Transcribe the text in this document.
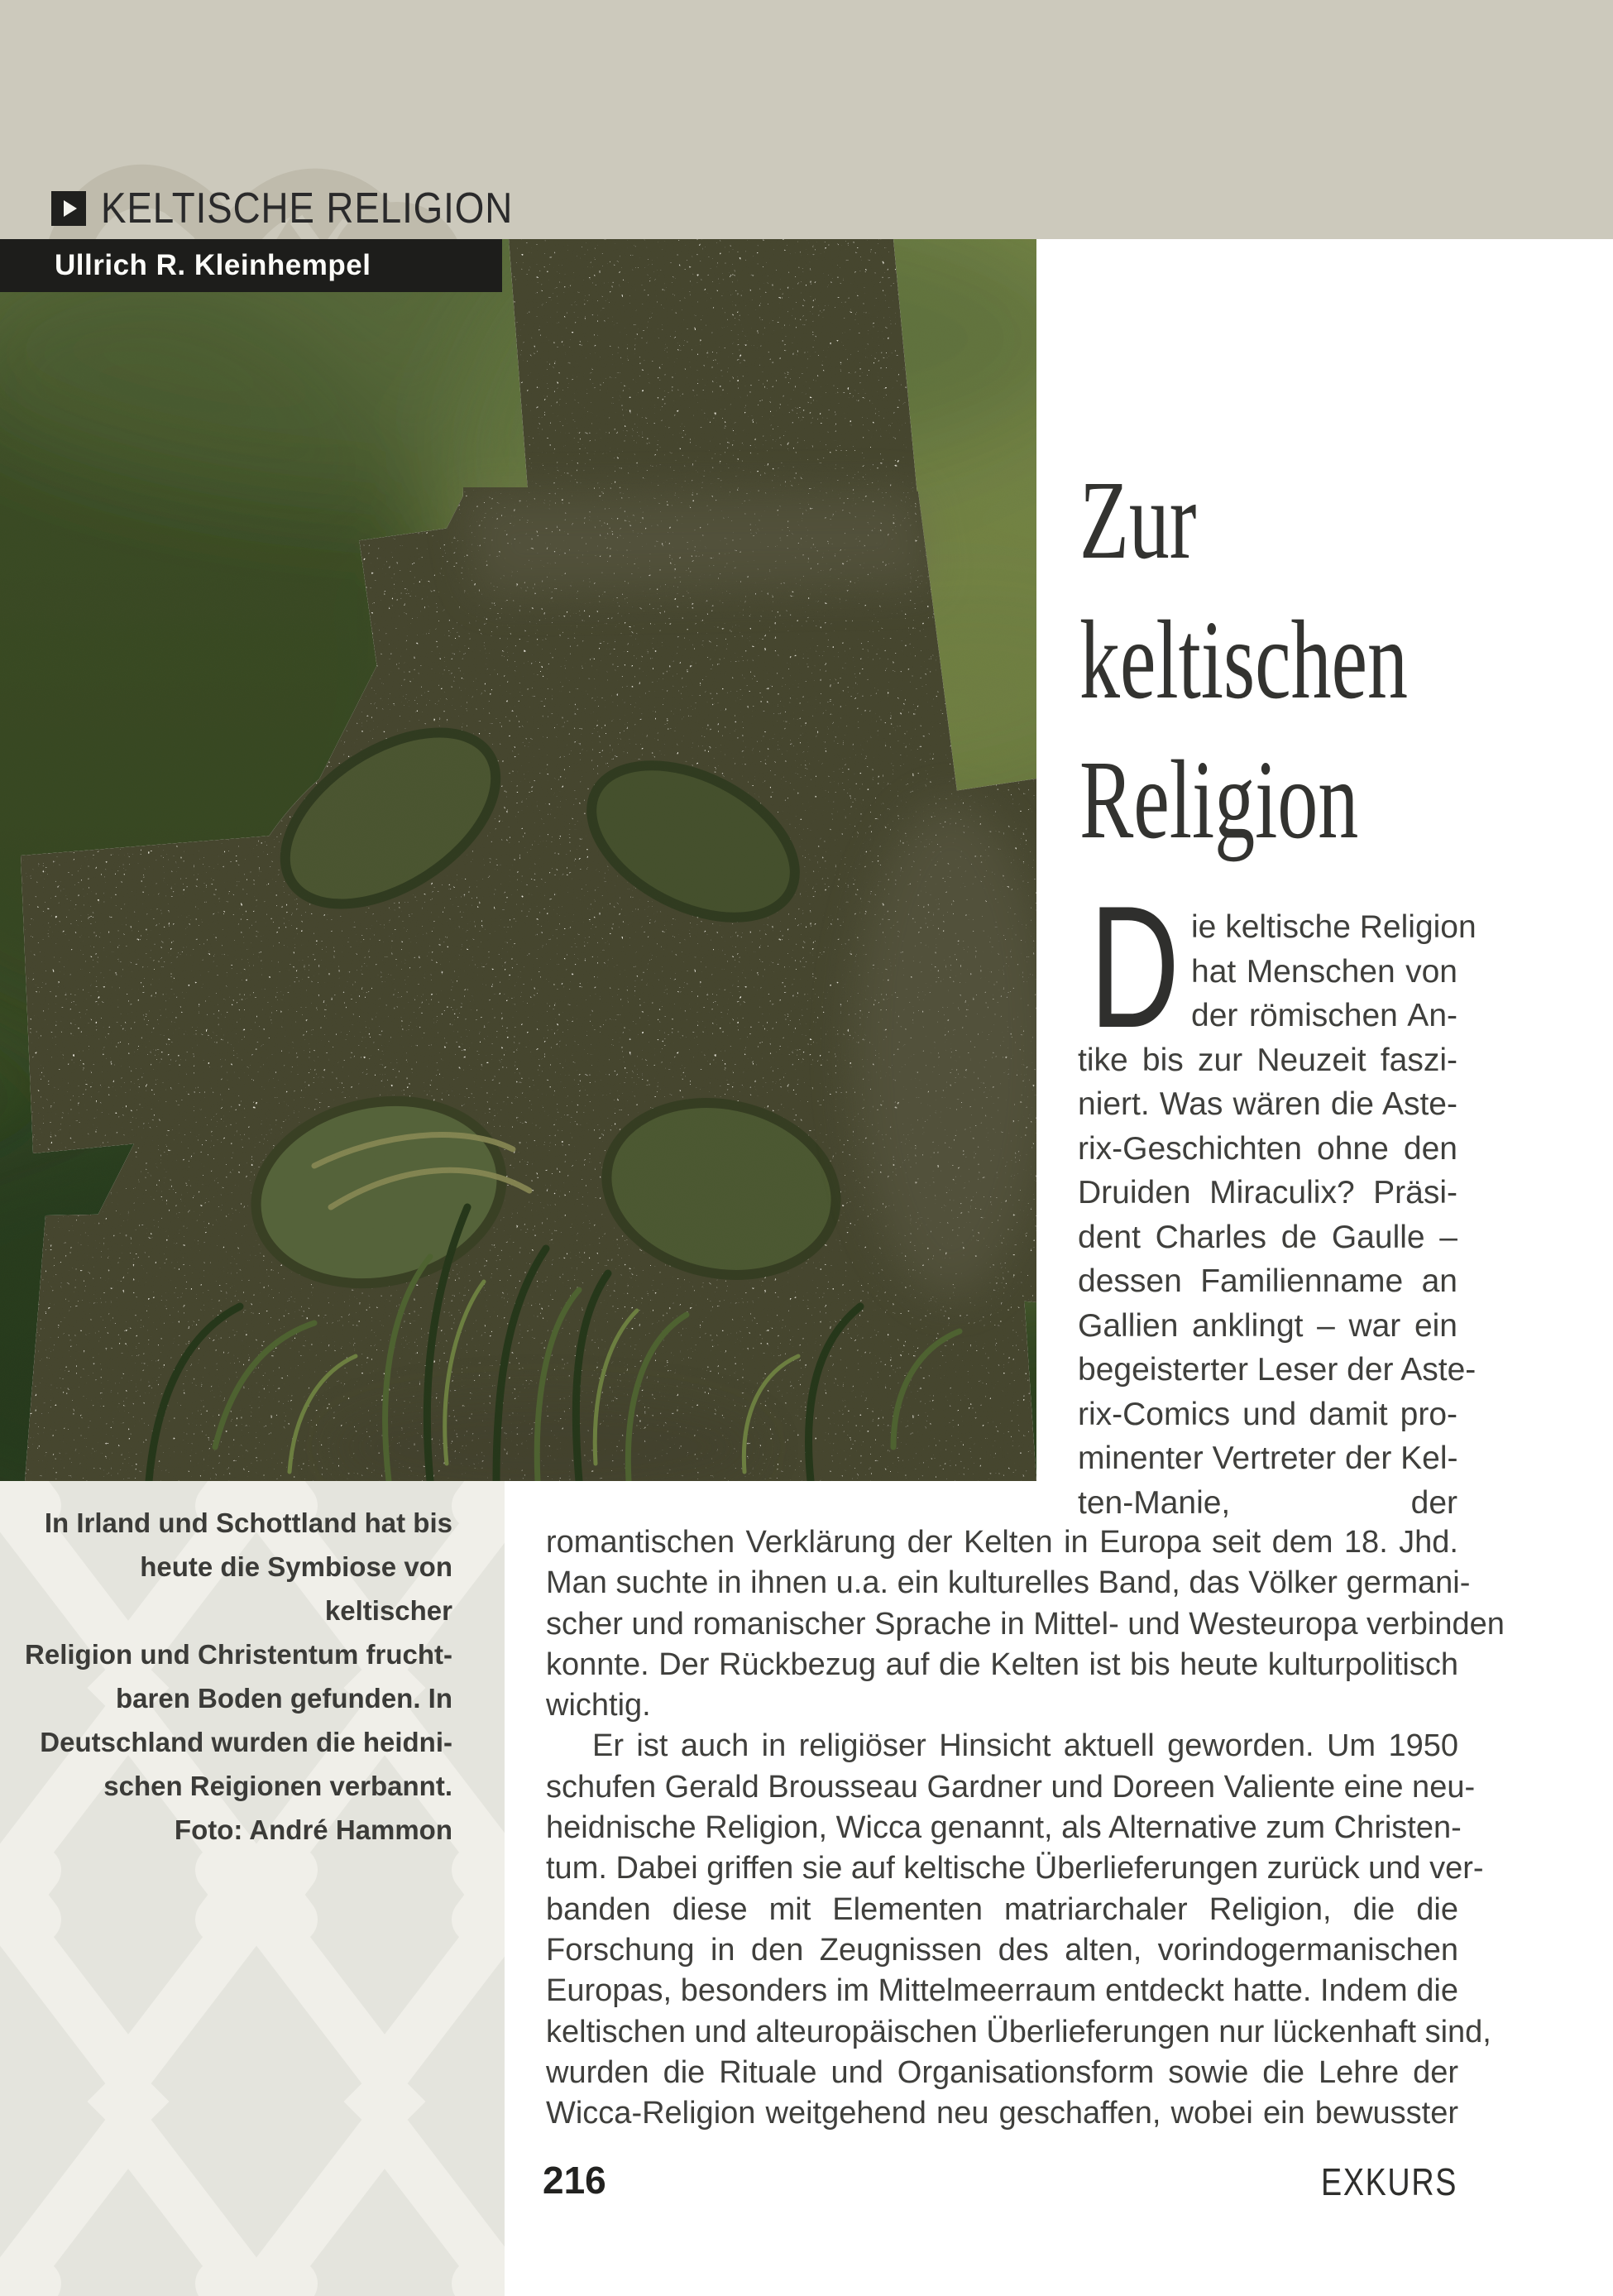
KELTISCHE RELIGION
Ullrich R. Kleinhempel
In Irland und Schottland hat bis
heute die Symbiose von keltischer
Religion und Christentum frucht-
baren Boden gefunden. In
Deutschland wurden die heidni-
schen Reigionen verbannt.
Foto: André Hammon
Zur
keltischen
Religion
D ie keltische Religion
hat Menschen von
der römischen An-
tike bis zur Neuzeit faszi-
niert. Was wären die Aste-
rix-Geschichten ohne den
Druiden Miraculix? Präsi-
dent Charles de Gaulle –
dessen Familienname an
Gallien anklingt – war ein
begeisterter Leser der Aste-
rix-Comics und damit pro-
minenter Vertreter der Kel-
ten-Manie,	der
romantischen Verklärung der Kelten in Europa seit dem 18. Jhd.
Man suchte in ihnen u.a. ein kulturelles Band, das Völker germani-
scher und romanischer Sprache in Mittel- und Westeuropa verbinden
konnte. Der Rückbezug auf die Kelten ist bis heute kulturpolitisch
wichtig.
Er ist auch in religiöser Hinsicht aktuell geworden. Um 1950
schufen Gerald Brousseau Gardner und Doreen Valiente eine neu-
heidnische Religion, Wicca genannt, als Alternative zum Christen-
tum. Dabei griffen sie auf keltische Überlieferungen zurück und ver-
banden diese mit Elementen matriarchaler Religion, die die
Forschung in den Zeugnissen des alten, vorindogermanischen
Europas, besonders im Mittelmeerraum entdeckt hatte. Indem die
keltischen und alteuropäischen Überlieferungen nur lückenhaft sind,
wurden die Rituale und Organisationsform sowie die Lehre der
Wicca-Religion weitgehend neu geschaffen, wobei ein bewusster
216	EXKURS
